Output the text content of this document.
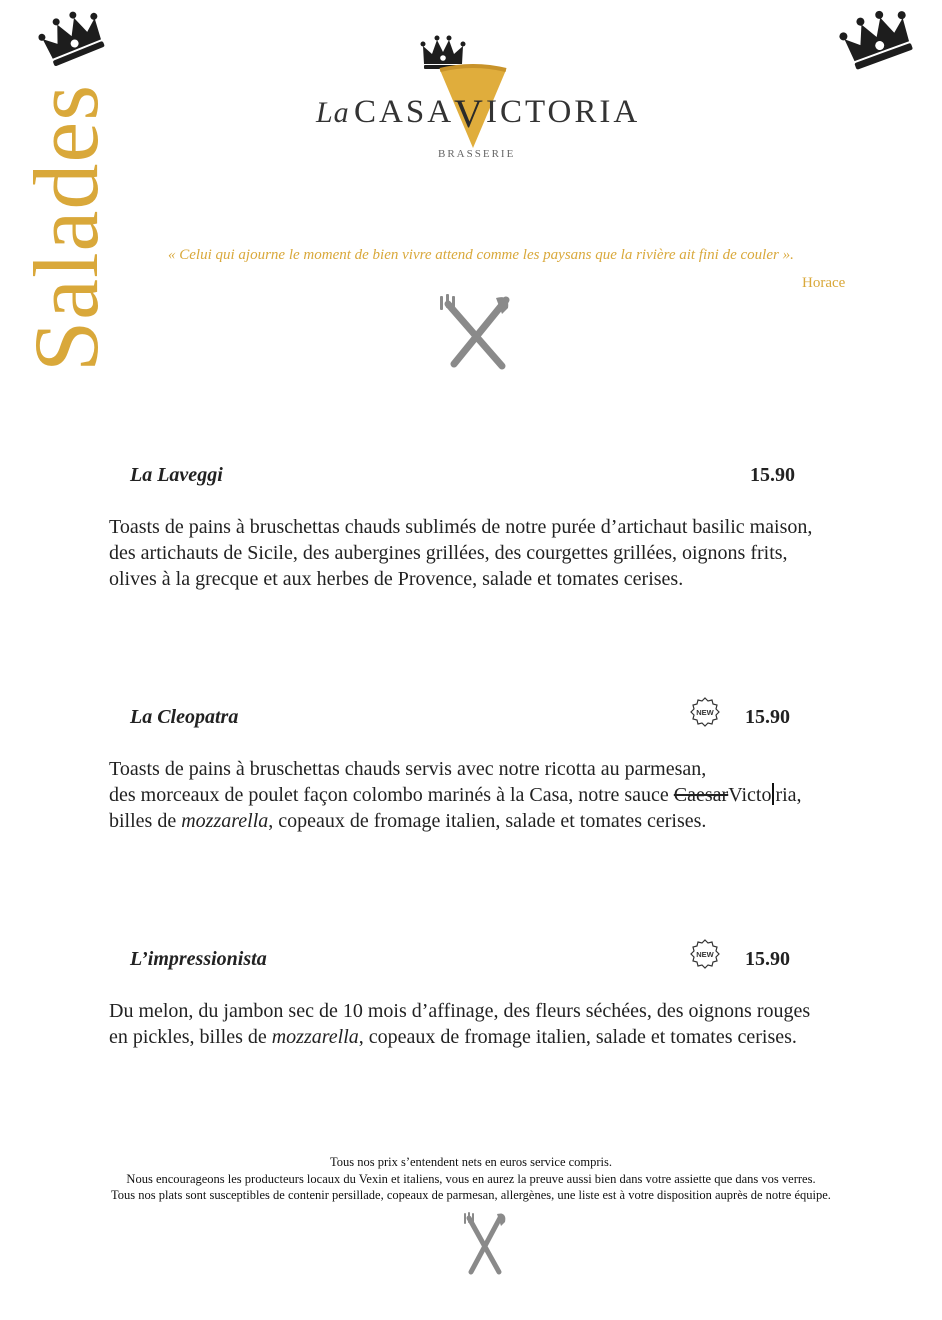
Salades	La CASA V ICTORIA
BRASSERIE
« Celui qui ajourne le moment de bien vivre attend comme les paysans que la rivière ait fini de couler ».
Horace
La Laveggi	15.90
Toasts de pains à bruschettas chauds sublimés de notre purée d’artichaut basilic maison,
des artichauts de Sicile, des aubergines grillées, des courgettes grillées, oignons frits,
olives à la grecque et aux herbes de Provence, salade et tomates cerises.
La Cleopatra	NEW 15.90
Toasts de pains à bruschettas chauds servis avec notre ricotta au parmesan,
des morceaux de poulet façon colombo marinés à la Casa, notre sauce CaesarVicto ria,
billes de mozzarella, copeaux de fromage italien, salade et tomates cerises.
L’impressionista	NEW 15.90
Du melon, du jambon sec de 10 mois d’affinage, des fleurs séchées, des oignons rouges
en pickles, billes de mozzarella, copeaux de fromage italien, salade et tomates cerises.
Tous nos prix s’entendent nets en euros service compris.
Nous encourageons les producteurs locaux du Vexin et italiens, vous en aurez la preuve aussi bien dans votre assiette que dans vos verres.
Tous nos plats sont susceptibles de contenir persillade, copeaux de parmesan, allergènes, une liste est à votre disposition auprès de notre équipe.
